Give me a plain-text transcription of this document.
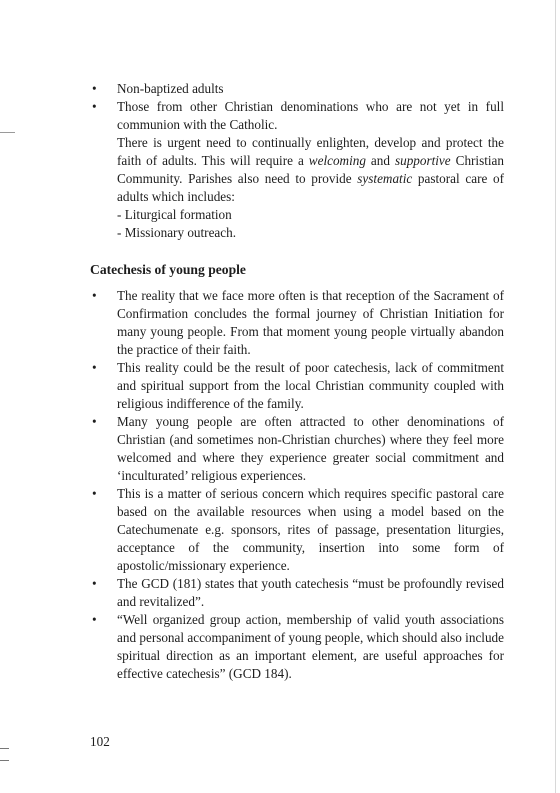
• Non-baptized adults
• Those from other Christian denominations who are not yet in full communion with the Catholic.

There is urgent need to continually enlighten, develop and protect the faith of adults. This will require a welcoming and supportive Christian Community. Parishes also need to provide systematic pastoral care of adults which includes:

- Liturgical formation

- Missionary outreach.

Catechesis of young people
• The reality that we face more often is that reception of the Sacrament of Confirmation concludes the formal journey of Christian Initiation for many young people. From that moment young people virtually abandon the practice of their faith.
• This reality could be the result of poor catechesis, lack of commitment and spiritual support from the local Christian community coupled with religious indifference of the family.
• Many young people are often attracted to other denominations of Christian (and sometimes non-Christian churches) where they feel more welcomed and where they experience greater social commitment and ‘inculturated’ religious experiences.
• This is a matter of serious concern which requires specific pastoral care based on the available resources when using a model based on the Catechumenate e.g. sponsors, rites of passage, presentation liturgies, acceptance of the community, insertion into some form of apostolic/missionary experience.
• The GCD (181) states that youth catechesis “must be profoundly revised and revitalized”.
• “Well organized group action, membership of valid youth associations and personal accompaniment of young people, which should also include spiritual direction as an important element, are useful approaches for effective catechesis” (GCD 184).
102
